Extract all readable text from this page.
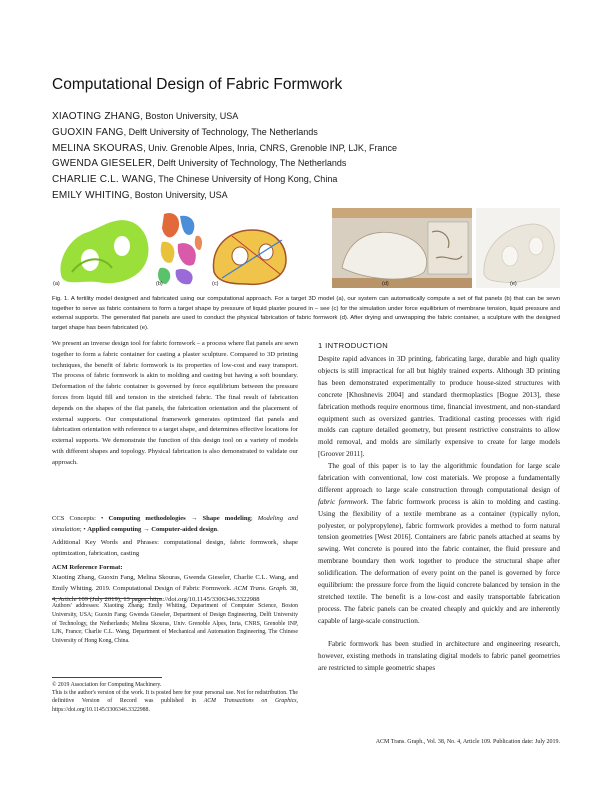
Computational Design of Fabric Formwork
XIAOTING ZHANG, Boston University, USA
GUOXIN FANG, Delft University of Technology, The Netherlands
MELINA SKOURAS, Univ. Grenoble Alpes, Inria, CNRS, Grenoble INP, LJK, France
GWENDA GIESELER, Delft University of Technology, The Netherlands
CHARLIE C.L. WANG, The Chinese University of Hong Kong, China
EMILY WHITING, Boston University, USA
(a)	(b)	(c)	(d)	(e)
Fig. 1. A fertility model designed and fabricated using our computational approach. For a target 3D model (a), our system can automatically compute a set of flat panels (b) that can be sewn together to serve as fabric containers to form a target shape by pressure of liquid plaster poured in – see (c) for the simulation under force equilibrium of membrane tension, liquid pressure and external supports. The generated flat panels are used to conduct the physical fabrication of fabric formwork (d). After drying and unwrapping the fabric container, a sculpture with the designed target shape has been fabricated (e).
We present an inverse design tool for fabric formwork – a process where flat panels are sewn together to form a fabric container for casting a plaster sculpture. Compared to 3D printing techniques, the benefit of fabric formwork is its properties of low-cost and easy transport. The process of fabric formwork is akin to molding and casting but having a soft boundary. Deformation of the fabric container is governed by force equilibrium between the pressure forces from liquid fill and tension in the stretched fabric. The final result of fabrication depends on the shapes of the flat panels, the fabrication orientation and the placement of external supports. Our computational framework generates optimized flat panels and fabrication orientation with reference to a target shape, and determines effective locations for external supports. We demonstrate the function of this design tool on a variety of models with different shapes and topology. Physical fabrication is also demonstrated to validate our approach.
CCS Concepts: • Computing methodologies → Shape modeling; Modeling and simulation; • Applied computing → Computer-aided design.
Additional Key Words and Phrases: computational design, fabric formwork, shape optimization, fabrication, casting
ACM Reference Format:
Xiaoting Zhang, Guoxin Fang, Melina Skouras, Gwenda Gieseler, Charlie C.L. Wang, and Emily Whiting. 2019. Computational Design of Fabric Formwork. ACM Trans. Graph. 38, 4, Article 109 (July 2019), 13 pages. https://doi.org/10.1145/3306346.3322988
Authors' addresses: Xiaoting Zhang; Emily Whiting, Department of Computer Science, Boston University, USA; Guoxin Fang; Gwenda Gieseler, Department of Design Engineering, Delft University of Technology, the Netherlands; Melina Skouras, Univ. Grenoble Alpes, Inria, CNRS, Grenoble INP, LJK, France; Charlie C.L. Wang, Department of Mechanical and Automation Engineering, The Chinese University of Hong Kong, China.
© 2019 Association for Computing Machinery.
This is the author's version of the work. It is posted here for your personal use. Not for redistribution. The definitive Version of Record was published in ACM Transactions on Graphics, https://doi.org/10.1145/3306346.3322988.
1 INTRODUCTION
Despite rapid advances in 3D printing, fabricating large, durable and high quality objects is still impractical for all but highly trained experts. Although 3D printing has been demonstrated experimentally to produce house-sized structures with concrete [Khoshnevis 2004] and standard thermoplastics [Bogue 2013], these fabrication methods require enormous time, financial investment, and non-standard equipment such as oversized gantries. Traditional casting processes with rigid molds can capture detailed geometry, but present restrictive constraints to allow mold removal, and molds are similarly expensive to create for large models [Groover 2011].
The goal of this paper is to lay the algorithmic foundation for large scale fabrication with conventional, low cost materials. We propose a fundamentally different approach to large scale construction through computational design of fabric formwork. The fabric formwork process is akin to molding and casting. Using the flexibility of a textile membrane as a container (typically nylon, polyester, or polypropylene), fabric formwork provides a method to form natural tension geometries [West 2016]. Containers are fabric panels attached at seams by sewing. Wet concrete is poured into the fabric container, the fluid pressure and membrane boundary then work together to produce the structural shape after solidification. The deformation of every point on the panel is governed by force equilibrium: the pressure force from the liquid concrete balanced by tension in the stretched textile. The benefit is a low-cost and easily transportable fabrication process. The fabric panels can be created cheaply and quickly and are inherently capable of large-scale construction.
Fabric formwork has been studied in architecture and engineering research, however, existing methods in translating digital models to fabric panel geometries are restricted to simple geometric shapes
ACM Trans. Graph., Vol. 38, No. 4, Article 109. Publication date: July 2019.
